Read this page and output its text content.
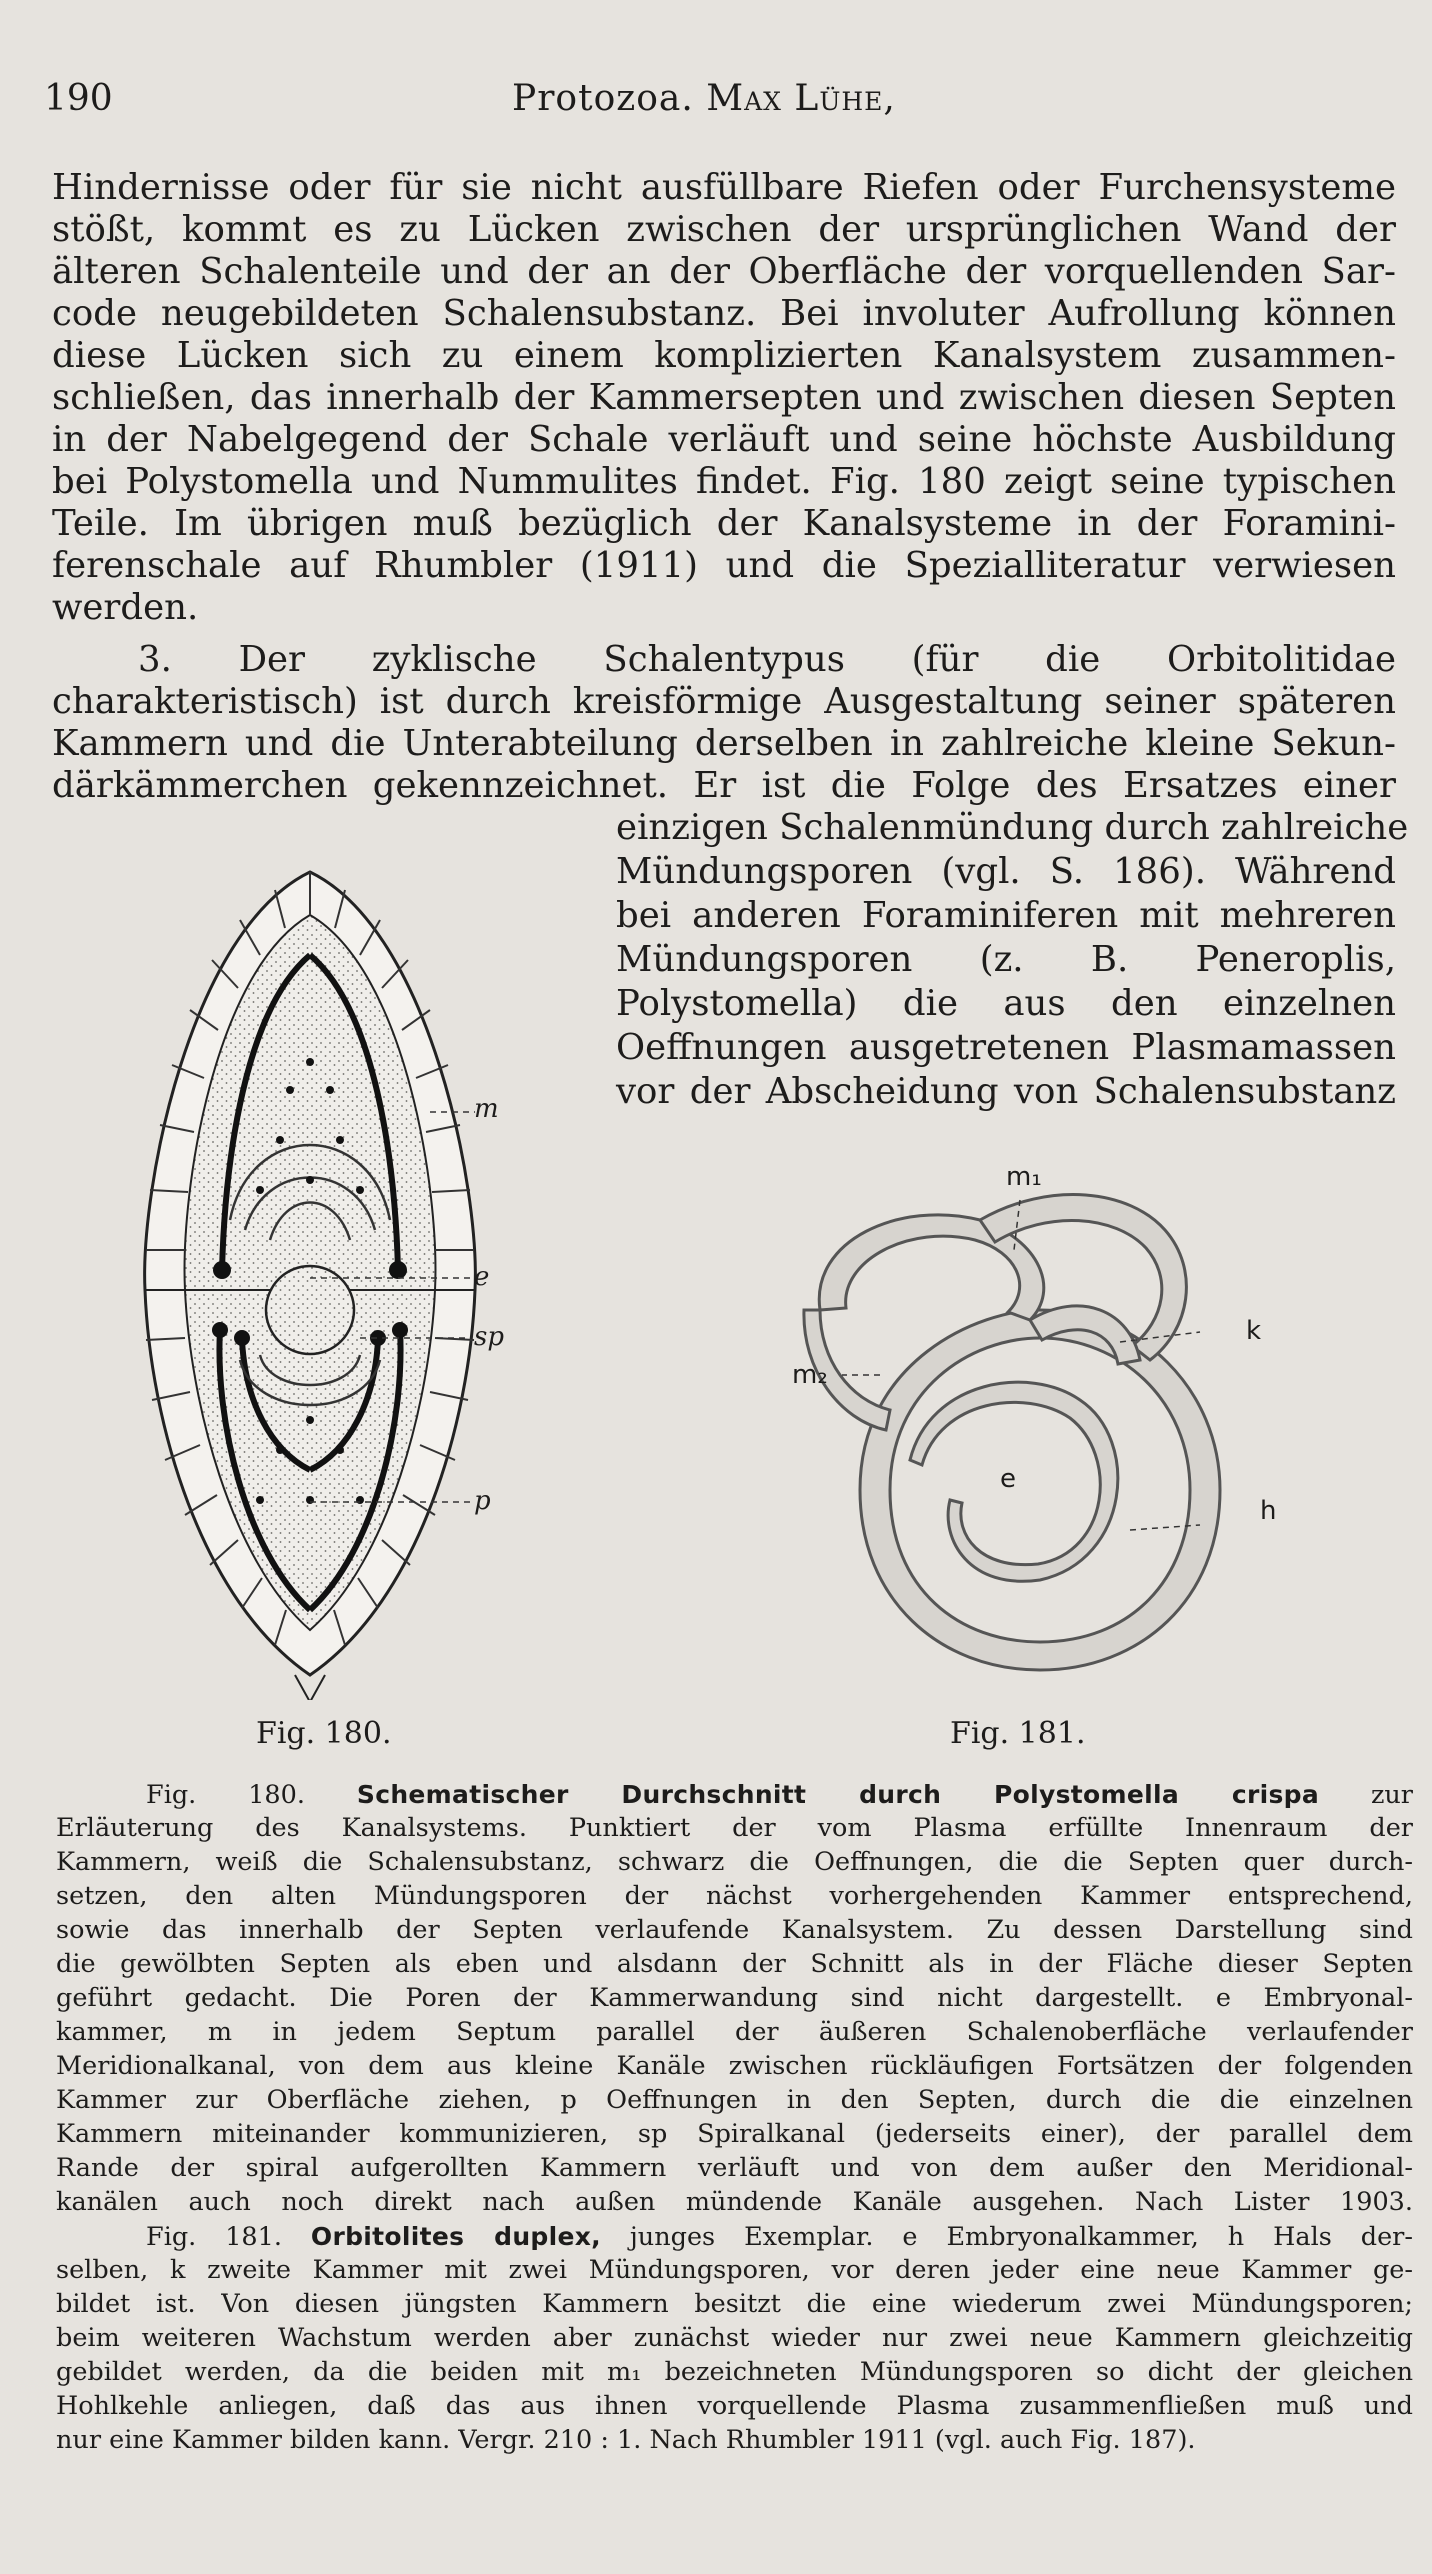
190	Protozoa. Max Lühe,
Hindernisse oder für sie nicht ausfüllbare Riefen oder Furchensysteme
stößt, kommt es zu Lücken zwischen der ursprünglichen Wand der
älteren Schalenteile und der an der Oberfläche der vorquellenden Sar-
code neugebildeten Schalensubstanz. Bei involuter Aufrollung können
diese Lücken sich zu einem komplizierten Kanalsystem zusammen-
schließen, das innerhalb der Kammersepten und zwischen diesen Septen
in der Nabelgegend der Schale verläuft und seine höchste Ausbildung
bei Polystomella und Nummulites findet. Fig. 180 zeigt seine typischen
Teile. Im übrigen muß bezüglich der Kanalsysteme in der Foramini-
ferenschale auf Rhumbler (1911) und die Spezialliteratur verwiesen
werden.
3. Der zyklische Schalentypus (für die Orbitolitidae
charakteristisch) ist durch kreisförmige Ausgestaltung seiner späteren
Kammern und die Unterabteilung derselben in zahlreiche kleine Sekun-
därkämmerchen gekennzeichnet. Er ist die Folge des Ersatzes einer
einzigen Schalenmündung durch zahlreiche
Mündungsporen (vgl. S. 186). Während
bei anderen Foraminiferen mit mehreren
Mündungsporen (z. B. Peneroplis,
Polystomella) die aus den einzelnen
Oeffnungen ausgetretenen Plasmamassen
vor der Abscheidung von Schalensubstanz
m
e
sp
p
Fig. 180.
m₁
m₂
k
e
h
Fig. 181.
Fig. 180. Schematischer Durchschnitt durch Polystomella crispa zur
Erläuterung des Kanalsystems. Punktiert der vom Plasma erfüllte Innenraum der
Kammern, weiß die Schalensubstanz, schwarz die Oeffnungen, die die Septen quer durch-
setzen, den alten Mündungsporen der nächst vorhergehenden Kammer entsprechend,
sowie das innerhalb der Septen verlaufende Kanalsystem. Zu dessen Darstellung sind
die gewölbten Septen als eben und alsdann der Schnitt als in der Fläche dieser Septen
geführt gedacht. Die Poren der Kammerwandung sind nicht dargestellt. e Embryonal-
kammer, m in jedem Septum parallel der äußeren Schalenoberfläche verlaufender
Meridionalkanal, von dem aus kleine Kanäle zwischen rückläufigen Fortsätzen der folgenden
Kammer zur Oberfläche ziehen, p Oeffnungen in den Septen, durch die die einzelnen
Kammern miteinander kommunizieren, sp Spiralkanal (jederseits einer), der parallel dem
Rande der spiral aufgerollten Kammern verläuft und von dem außer den Meridional-
kanälen auch noch direkt nach außen mündende Kanäle ausgehen. Nach Lister 1903.
Fig. 181. Orbitolites duplex, junges Exemplar. e Embryonalkammer, h Hals der-
selben, k zweite Kammer mit zwei Mündungsporen, vor deren jeder eine neue Kammer ge-
bildet ist. Von diesen jüngsten Kammern besitzt die eine wiederum zwei Mündungsporen;
beim weiteren Wachstum werden aber zunächst wieder nur zwei neue Kammern gleichzeitig
gebildet werden, da die beiden mit m₁ bezeichneten Mündungsporen so dicht der gleichen
Hohlkehle anliegen, daß das aus ihnen vorquellende Plasma zusammenfließen muß und
nur eine Kammer bilden kann. Vergr. 210 : 1. Nach Rhumbler 1911 (vgl. auch Fig. 187).
